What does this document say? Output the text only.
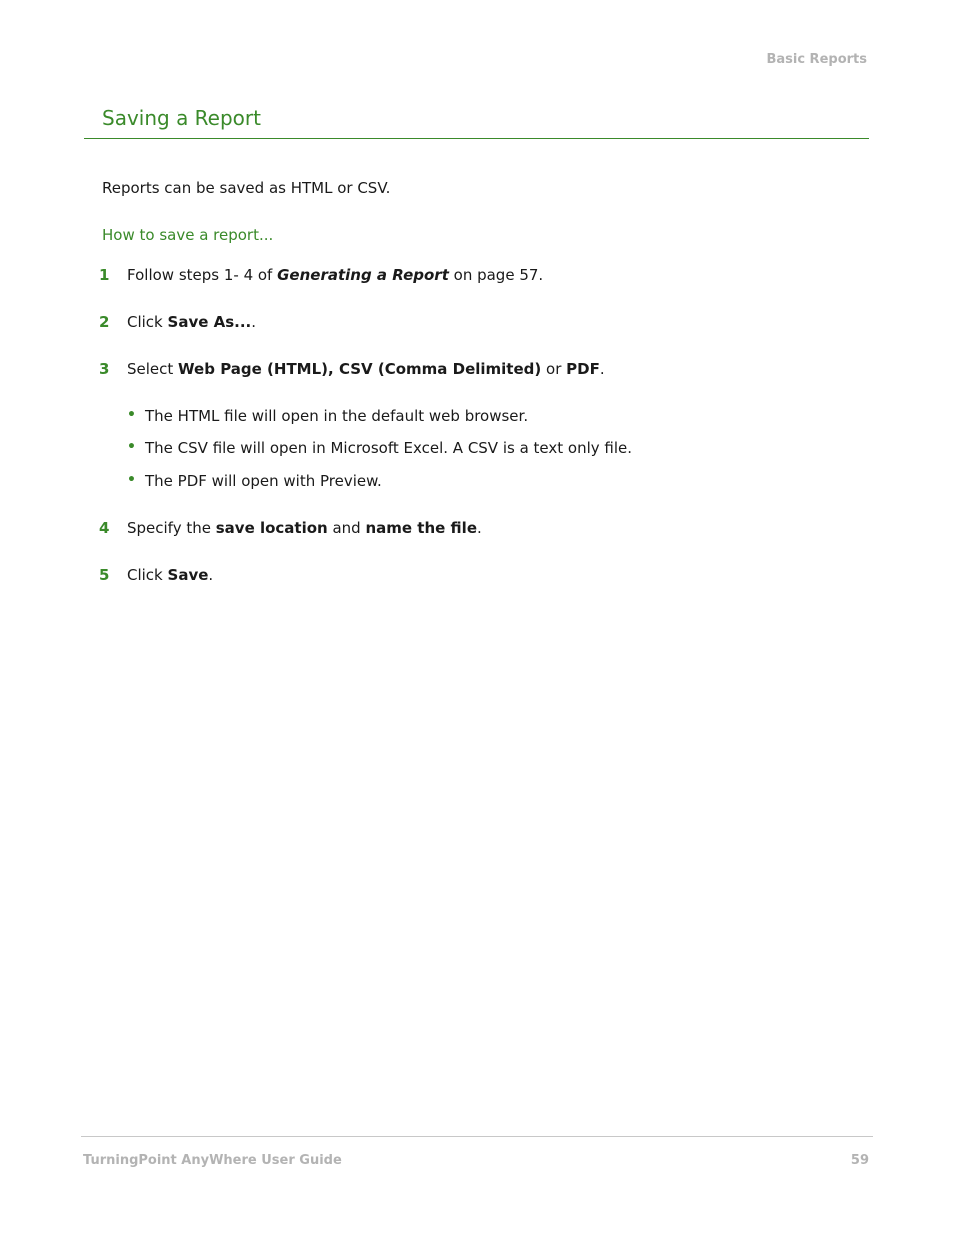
Basic Reports
Saving a Report
Reports can be saved as HTML or CSV.
How to save a report...
1	Follow steps 1- 4 of Generating a Report on page 57.
2	Click Save As....
3	Select Web Page (HTML), CSV (Comma Delimited) or PDF.
• The HTML file will open in the default web browser.
• The CSV file will open in Microsoft Excel. A CSV is a text only file.
• The PDF will open with Preview.
4	Specify the save location and name the file.
5	Click Save.
TurningPoint AnyWhere User Guide	59
